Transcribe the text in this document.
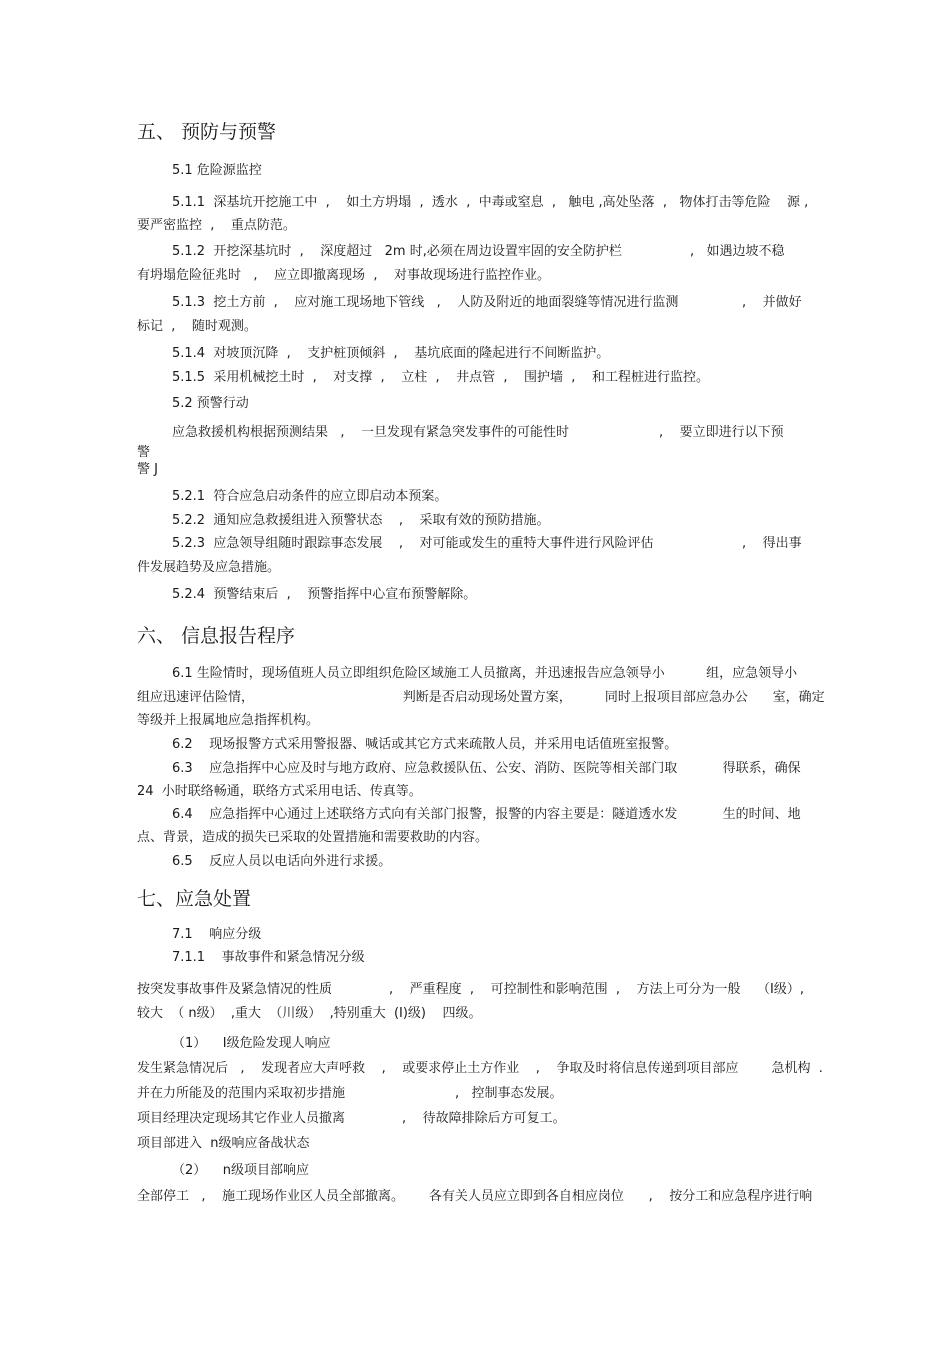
五、 预防与预警
5.1 危险源监控
5.1.1  深基坑开挖施工中  ,    如土方坍塌  ,  透水  ,  中毒或窒息  ,   触电 ,高处坠落  ,   物体打击等危险    源 ,
要严密监控  ,    重点防范。
5.1.2  开挖深基坑时  ,    深度超过   2m 时,必须在周边设置牢固的安全防护栏	,   如遇边坡不稳
有坍塌危险征兆时   ,    应立即撤离现场  ,    对事故现场进行监控作业。
5.1.3  挖土方前  ,    应对施工现场地下管线   ,    人防及附近的地面裂缝等情况进行监测	,    并做好
标记  ,    随时观测。
5.1.4  对坡顶沉降  ,    支护桩顶倾斜  ,    基坑底面的隆起进行不间断监护。
5.1.5  采用机械挖土时  ,    对支撑  ,    立柱  ,    井点管  ,    围护墙  ,    和工程桩进行监控。
5.2 预警行动
应急救援机构根据预测结果   ,    一旦发现有紧急突发事件的可能性时	,    要立即进行以下预
警
警 J
5.2.1  符合应急启动条件的应立即启动本预案。
5.2.2  通知应急救援组进入预警状态    ,    采取有效的预防措施。
5.2.3  应急领导组随时跟踪事态发展    ,    对可能或发生的重特大事件进行风险评估	,    得出事
件发展趋势及应急措施。
5.2.4  预警结束后  ,    预警指挥中心宣布预警解除。
六、 信息报告程序
6.1 生险情时，现场值班人员立即组织危险区域施工人员撤离，并迅速报告应急领导小          组，应急领导小
组应迅速评估险情，                                    判断是否启动现场处置方案，        同时上报项目部应急办公      室，确定
等级并上报属地应急指挥机构。
6.2    现场报警方式采用警报器、喊话或其它方式来疏散人员，并采用电话值班室报警。
6.3    应急指挥中心应及时与地方政府、应急救援队伍、公安、消防、医院等相关部门取           得联系，确保
24  小时联络畅通，联络方式采用电话、传真等。
6.4    应急指挥中心通过上述联络方式向有关部门报警，报警的内容主要是：隧道透水发           生的时间、地
点、背景，造成的损失已采取的处置措施和需要救助的内容。
6.5    反应人员以电话向外进行求援。
七、应急处置
7.1    响应分级
7.1.1    事故事件和紧急情况分级
按突发事故事件及紧急情况的性质	,    严重程度  ,    可控制性和影响范围  ,    方法上可分为一般    （Ⅰ级）,
较大  （ n级）  ,重大  （川级）  ,特别重大  (I)级)    四级。
（1）    Ⅰ级危险发现人响应
发生紧急情况后   ,    发现者应大声呼救    ,    或要求停止土方作业    ,    争取及时将信息传递到项目部应        急机构  .
并在力所能及的范围内采取初步措施	,   控制事态发展。
项目经理决定现场其它作业人员撤离	,    待故障排除后方可复工。
项目部进入  n级响应备战状态
（2）    n级项目部响应
全部停工   ,    施工现场作业区人员全部撤离。      各有关人员应立即到各自相应岗位      ,    按分工和应急程序进行响
